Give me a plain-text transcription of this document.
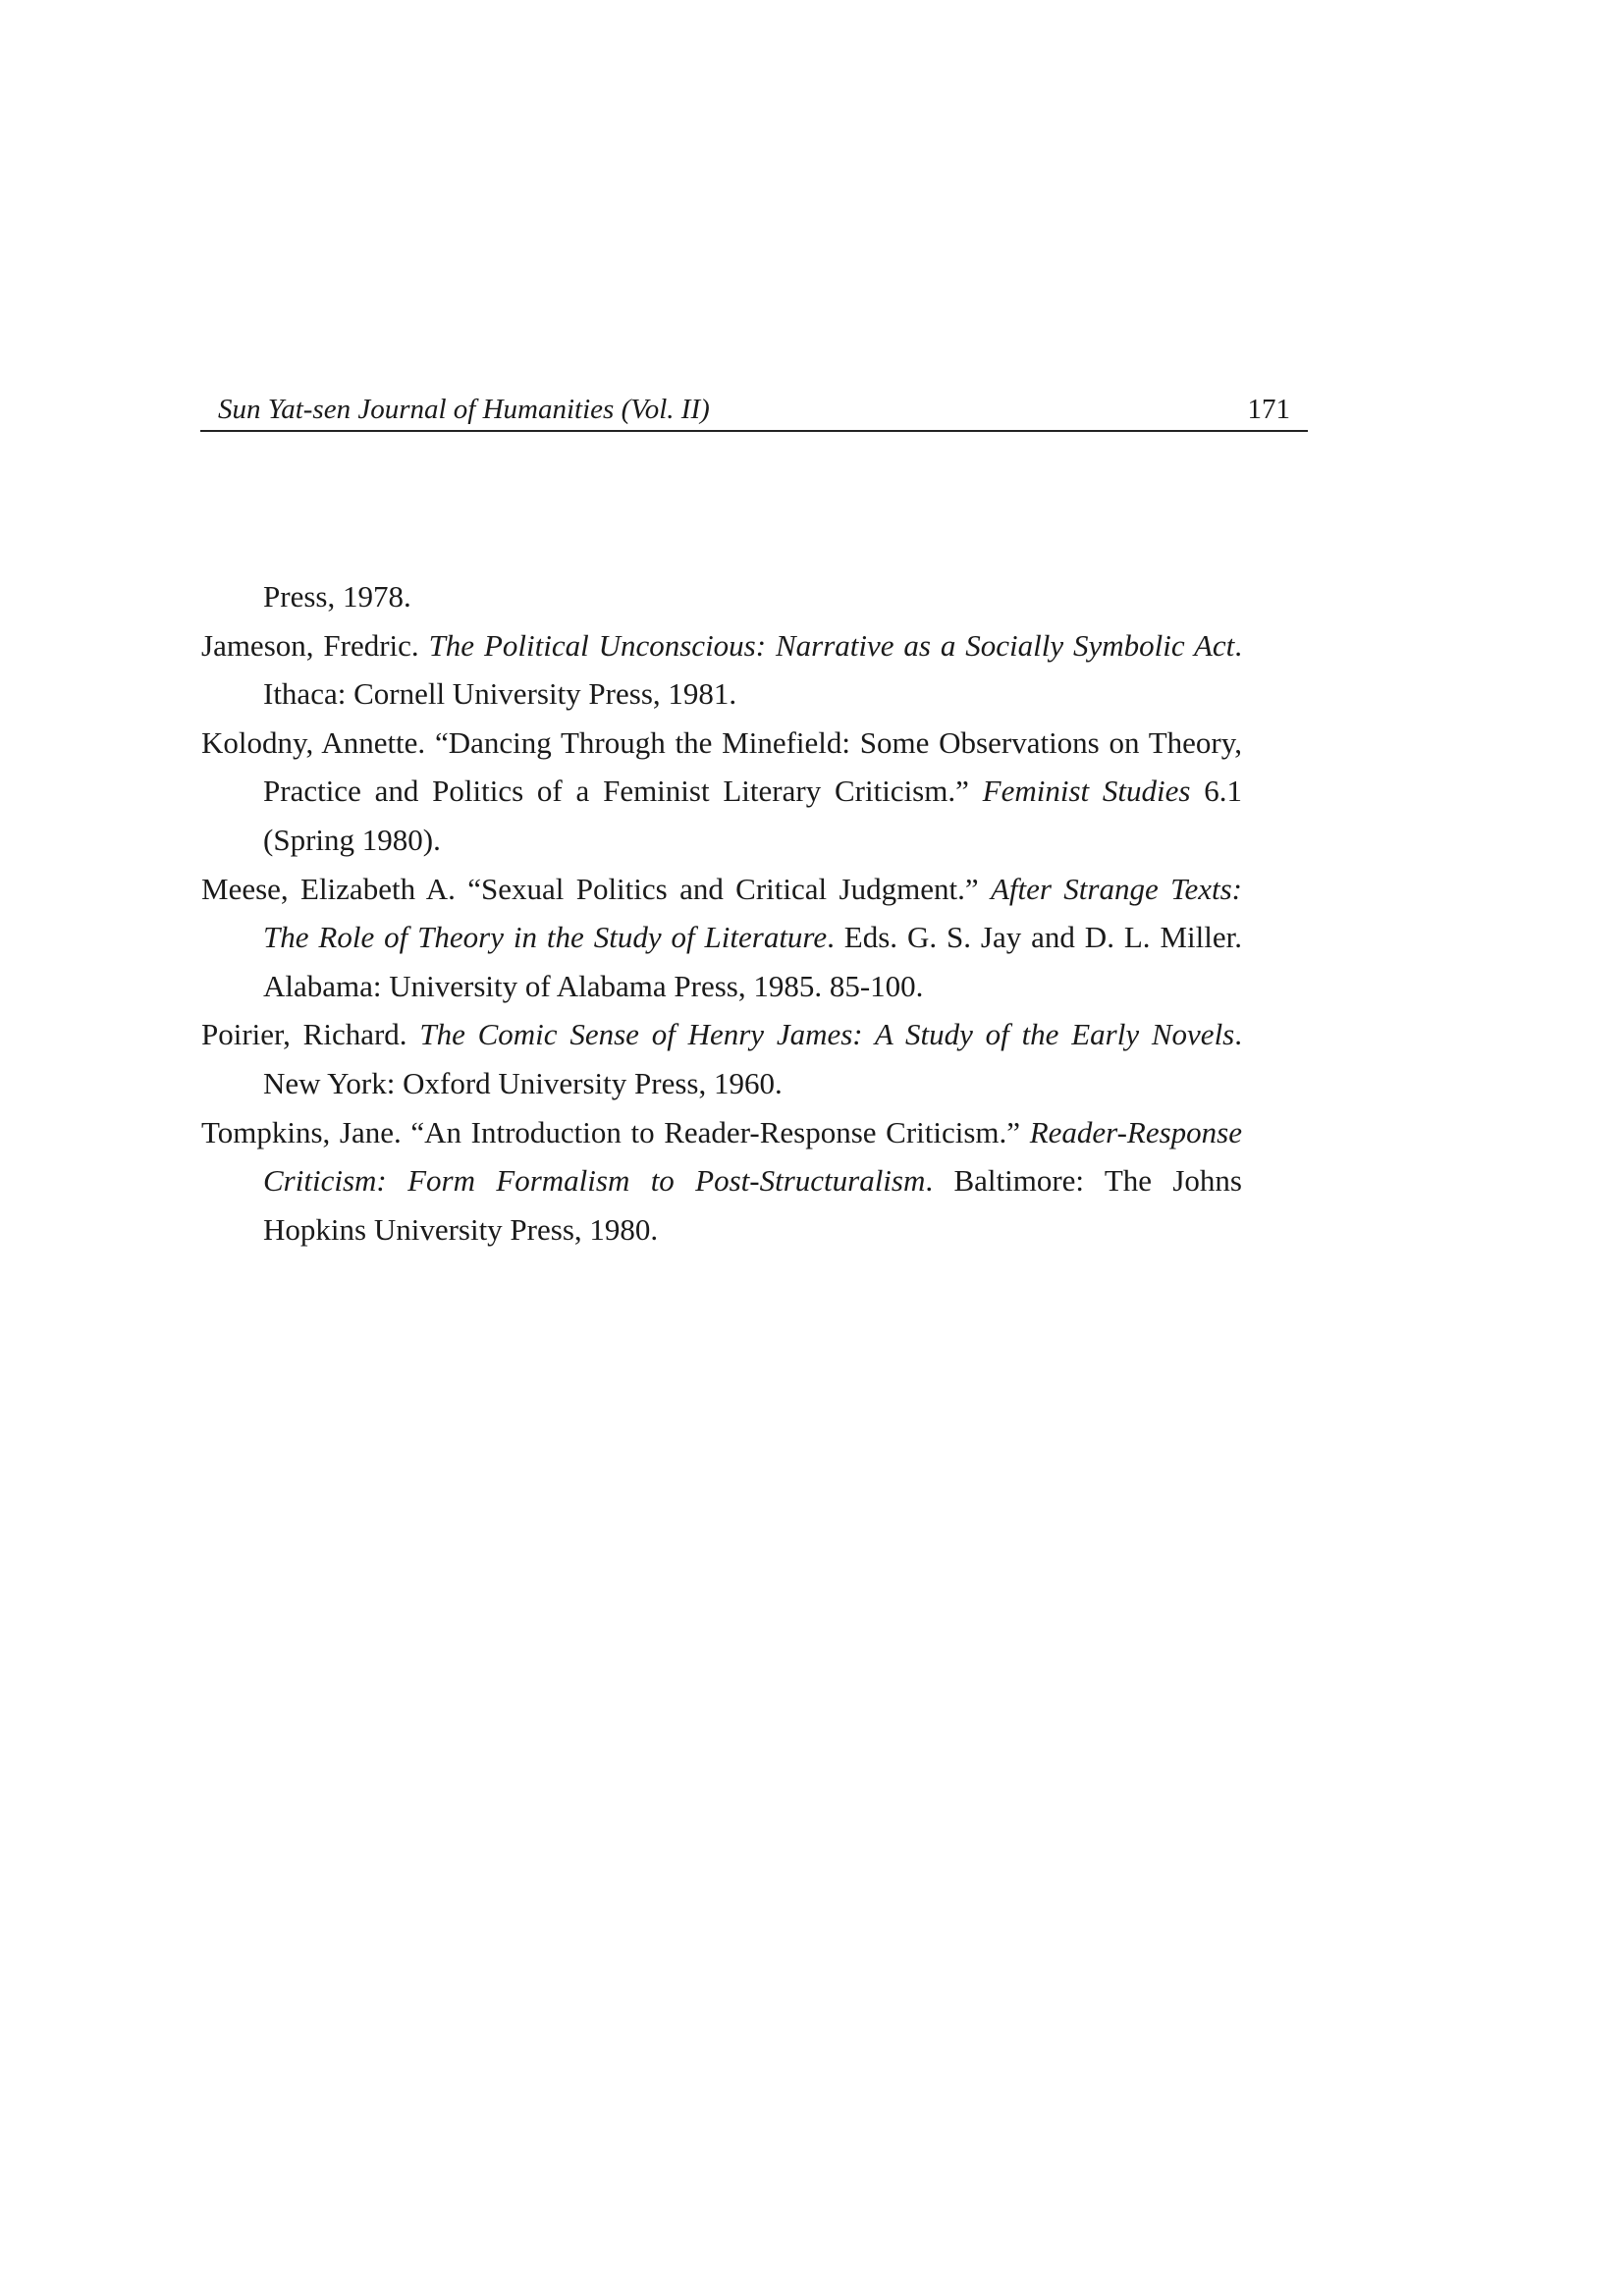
Sun Yat-sen Journal of Humanities (Vol. II)	171

Press, 1978.

Jameson, Fredric. The Political Unconscious: Narrative as a Socially Symbolic Act. Ithaca: Cornell University Press, 1981.

Kolodny, Annette. “Dancing Through the Minefield: Some Observations on Theory, Practice and Politics of a Feminist Literary Criticism.” Feminist Studies 6.1 (Spring 1980).

Meese, Elizabeth A. “Sexual Politics and Critical Judgment.” After Strange Texts: The Role of Theory in the Study of Literature. Eds. G. S. Jay and D. L. Miller. Alabama: University of Alabama Press, 1985. 85-100.

Poirier, Richard. The Comic Sense of Henry James: A Study of the Early Novels. New York: Oxford University Press, 1960.

Tompkins, Jane. “An Introduction to Reader-Response Criticism.” Reader-Response Criticism: Form Formalism to Post-Structuralism. Baltimore: The Johns Hopkins University Press, 1980.
